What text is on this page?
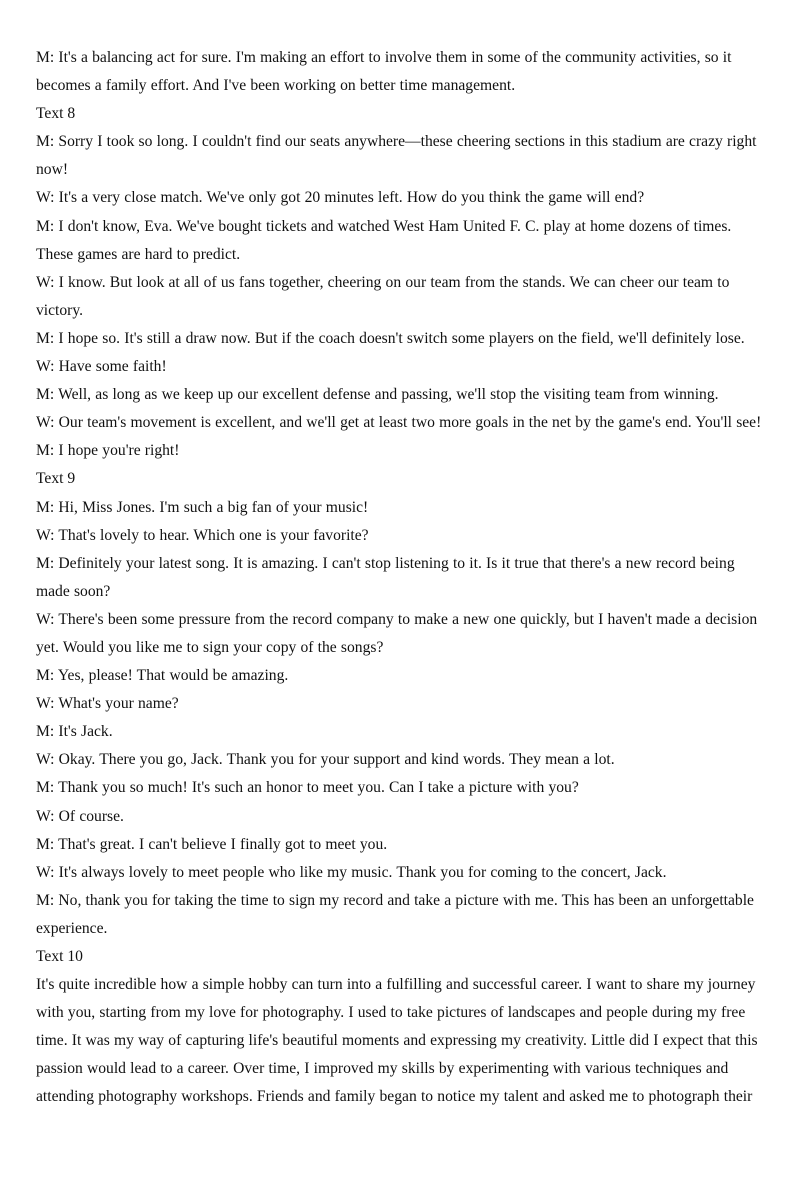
M: It's a balancing act for sure. I'm making an effort to involve them in some of the community activities, so it becomes a family effort. And I've been working on better time management.
Text 8
M: Sorry I took so long. I couldn't find our seats anywhere—these cheering sections in this stadium are crazy right now!
W: It's a very close match. We've only got 20 minutes left. How do you think the game will end?
M: I don't know, Eva. We've bought tickets and watched West Ham United F. C. play at home dozens of times. These games are hard to predict.
W: I know. But look at all of us fans together, cheering on our team from the stands. We can cheer our team to victory.
M: I hope so. It's still a draw now. But if the coach doesn't switch some players on the field, we'll definitely lose.
W: Have some faith!
M: Well, as long as we keep up our excellent defense and passing, we'll stop the visiting team from winning.
W: Our team's movement is excellent, and we'll get at least two more goals in the net by the game's end. You'll see!
M: I hope you're right!
Text 9
M: Hi, Miss Jones. I'm such a big fan of your music!
W: That's lovely to hear. Which one is your favorite?
M: Definitely your latest song. It is amazing. I can't stop listening to it. Is it true that there's a new record being made soon?
W: There's been some pressure from the record company to make a new one quickly, but I haven't made a decision yet. Would you like me to sign your copy of the songs?
M: Yes, please! That would be amazing.
W: What's your name?
M: It's Jack.
W: Okay. There you go, Jack. Thank you for your support and kind words. They mean a lot.
M: Thank you so much! It's such an honor to meet you. Can I take a picture with you?
W: Of course.
M: That's great. I can't believe I finally got to meet you.
W: It's always lovely to meet people who like my music. Thank you for coming to the concert, Jack.
M: No, thank you for taking the time to sign my record and take a picture with me. This has been an unforgettable experience.
Text 10
It's quite incredible how a simple hobby can turn into a fulfilling and successful career. I want to share my journey with you, starting from my love for photography. I used to take pictures of landscapes and people during my free time. It was my way of capturing life's beautiful moments and expressing my creativity. Little did I expect that this passion would lead to a career. Over time, I improved my skills by experimenting with various techniques and attending photography workshops. Friends and family began to notice my talent and asked me to photograph their
